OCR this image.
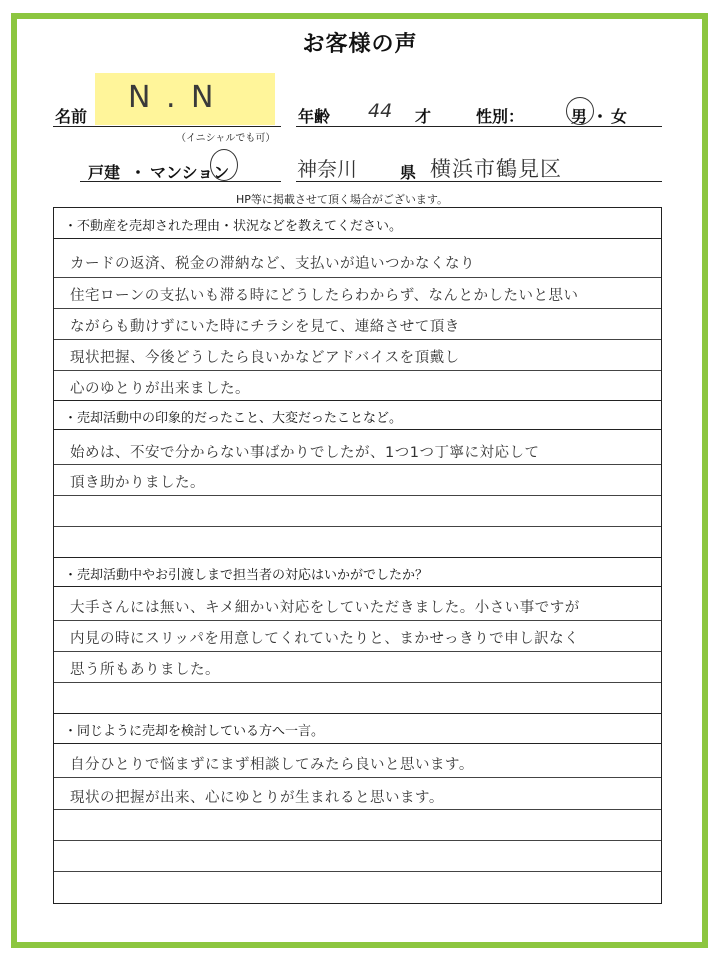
お客様の声
名前
N . N
（イニシャルでも可）
年齢 44 才	性別：	男 ・ 女
戸建 ・ マンション	神奈川	県 横浜市鶴見区
HP等に掲載させて頂く場合がございます。
・不動産を売却された理由・状況などを教えてください。
カードの返済、税金の滞納など、支払いが追いつかなくなり
住宅ローンの支払いも滞る時にどうしたらわからず、なんとかしたいと思い
ながらも動けずにいた時にチラシを見て、連絡させて頂き
現状把握、今後どうしたら良いかなどアドバイスを頂戴し
心のゆとりが出来ました。
・売却活動中の印象的だったこと、大変だったことなど。
始めは、不安で分からない事ばかりでしたが、1つ1つ丁寧に対応して
頂き助かりました。
・売却活動中やお引渡しまで担当者の対応はいかがでしたか？
大手さんには無い、キメ細かい対応をしていただきました。小さい事ですが
内見の時にスリッパを用意してくれていたりと、まかせっきりで申し訳なく
思う所もありました。
・同じように売却を検討している方へ一言。
自分ひとりで悩まずにまず相談してみたら良いと思います。
現状の把握が出来、心にゆとりが生まれると思います。
